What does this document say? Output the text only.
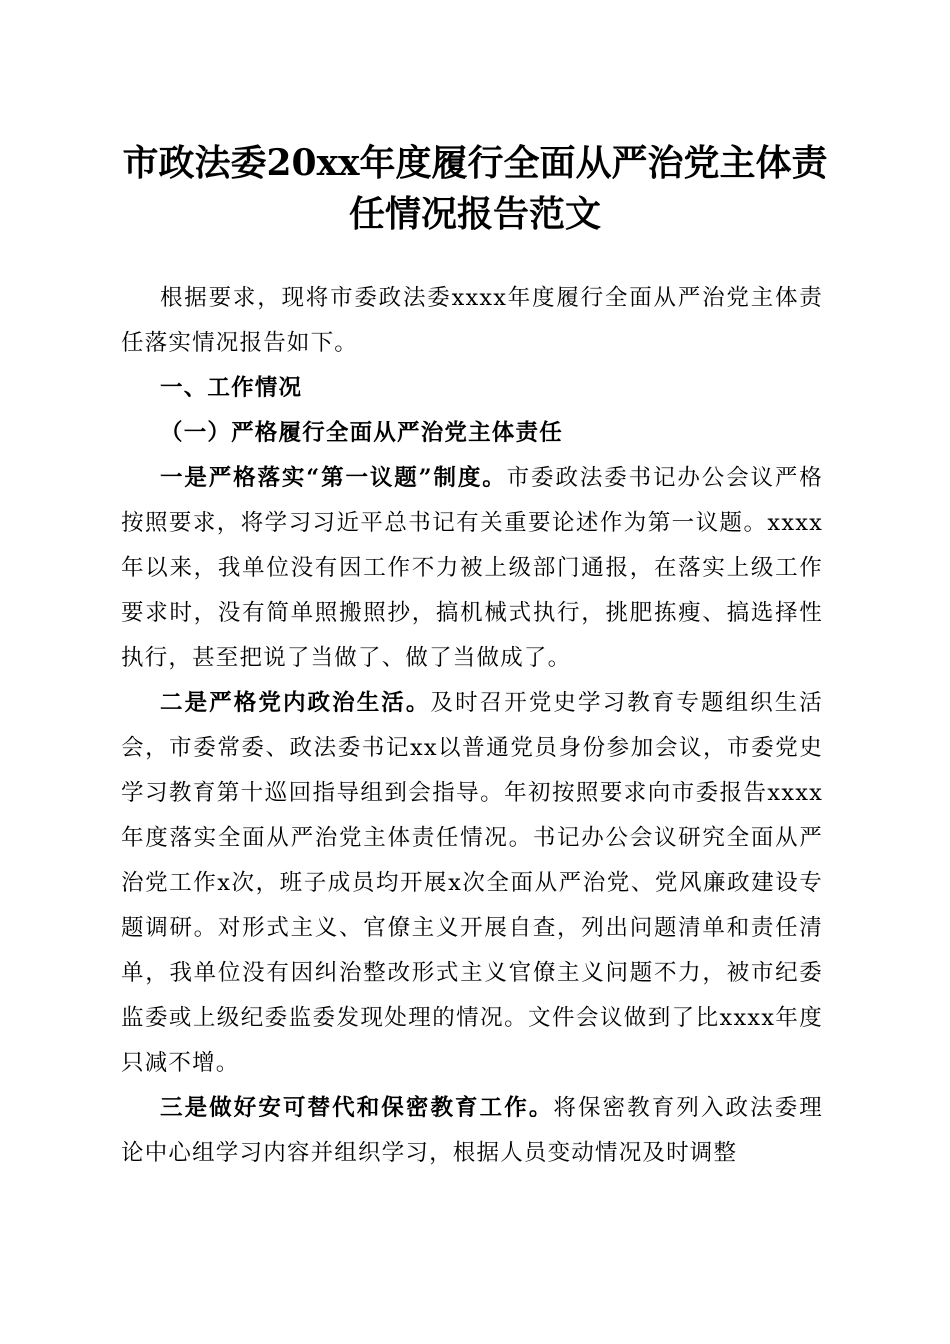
市政法委20xx年度履行全面从严治党主体责
任情况报告范文

根据要求，现将市委政法委xxxx年度履行全面从严治党主体责任落实情况报告如下。

一、工作情况

（一）严格履行全面从严治党主体责任

一是严格落实“第一议题”制度。市委政法委书记办公会议严格按照要求，将学习习近平总书记有关重要论述作为第一议题。xxxx年以来，我单位没有因工作不力被上级部门通报，在落实上级工作要求时，没有简单照搬照抄，搞机械式执行，挑肥拣瘦、搞选择性执行，甚至把说了当做了、做了当做成了。

二是严格党内政治生活。及时召开党史学习教育专题组织生活会，市委常委、政法委书记xx以普通党员身份参加会议，市委党史学习教育第十巡回指导组到会指导。年初按照要求向市委报告xxxx年度落实全面从严治党主体责任情况。书记办公会议研究全面从严治党工作x次，班子成员均开展x次全面从严治党、党风廉政建设专题调研。对形式主义、官僚主义开展自查，列出问题清单和责任清单，我单位没有因纠治整改形式主义官僚主义问题不力，被市纪委监委或上级纪委监委发现处理的情况。文件会议做到了比xxxx年度只减不增。

三是做好安可替代和保密教育工作。将保密教育列入政法委理论中心组学习内容并组织学习，根据人员变动情况及时调整
